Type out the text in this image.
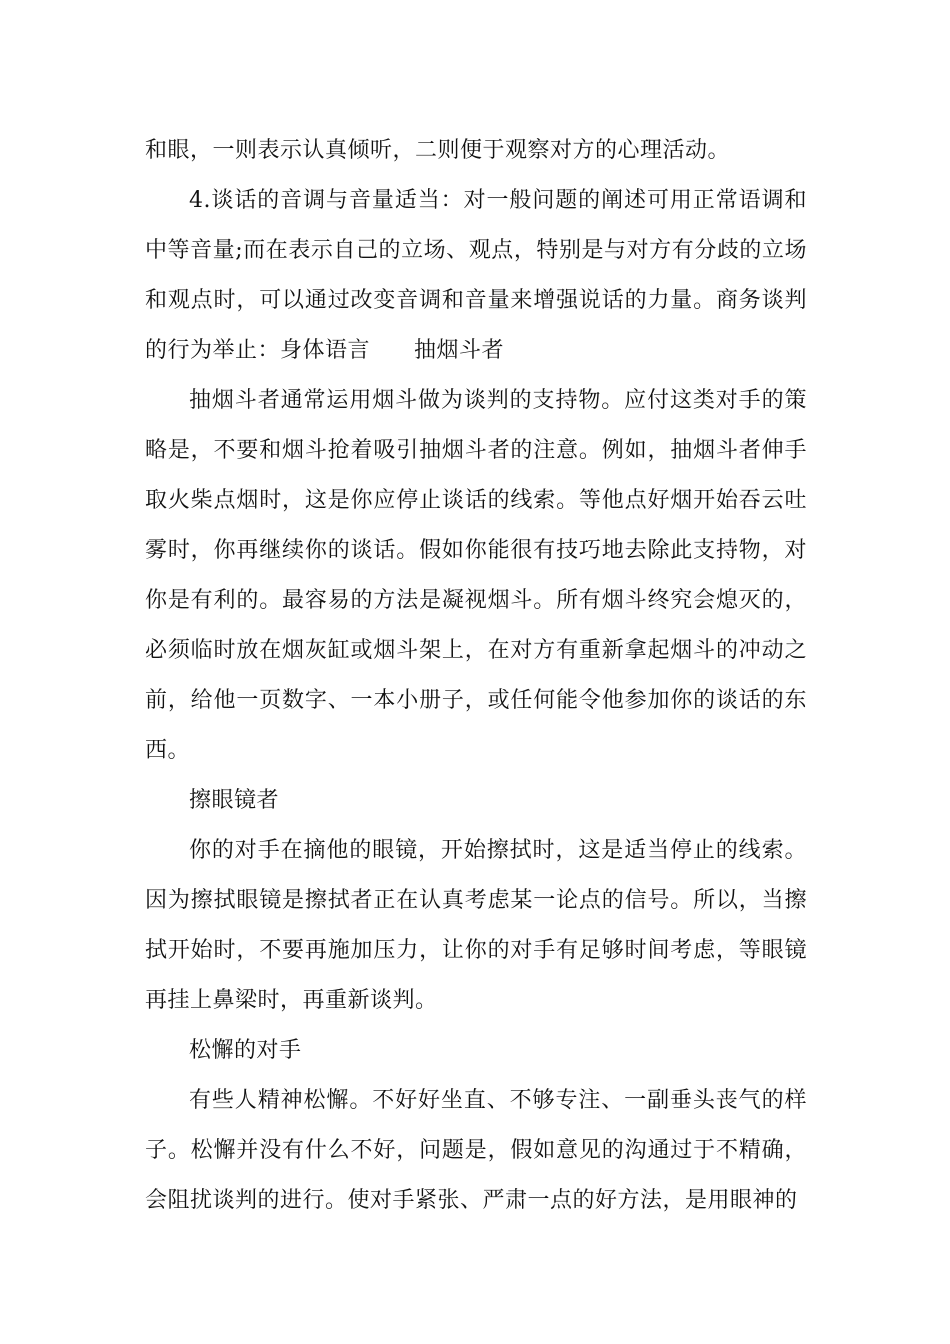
和眼，一则表示认真倾听，二则便于观察对方的心理活动。

4.谈话的音调与音量适当：对一般问题的阐述可用正常语调和中等音量;而在表示自己的立场、观点，特别是与对方有分歧的立场和观点时，可以通过改变音调和音量来增强说话的力量。商务谈判的行为举止：身体语言 抽烟斗者

抽烟斗者通常运用烟斗做为谈判的支持物。应付这类对手的策略是，不要和烟斗抢着吸引抽烟斗者的注意。例如，抽烟斗者伸手取火柴点烟时，这是你应停止谈话的线索。等他点好烟开始吞云吐雾时，你再继续你的谈话。假如你能很有技巧地去除此支持物，对你是有利的。最容易的方法是凝视烟斗。所有烟斗终究会熄灭的，必须临时放在烟灰缸或烟斗架上，在对方有重新拿起烟斗的冲动之前，给他一页数字、一本小册子，或任何能令他参加你的谈话的东西。

擦眼镜者

你的对手在摘他的眼镜，开始擦拭时，这是适当停止的线索。因为擦拭眼镜是擦拭者正在认真考虑某一论点的信号。所以，当擦拭开始时，不要再施加压力，让你的对手有足够时间考虑，等眼镜再挂上鼻梁时，再重新谈判。

松懈的对手

有些人精神松懈。不好好坐直、不够专注、一副垂头丧气的样子。松懈并没有什么不好，问题是，假如意见的沟通过于不精确，会阻扰谈判的进行。使对手紧张、严肃一点的好方法，是用眼神的
